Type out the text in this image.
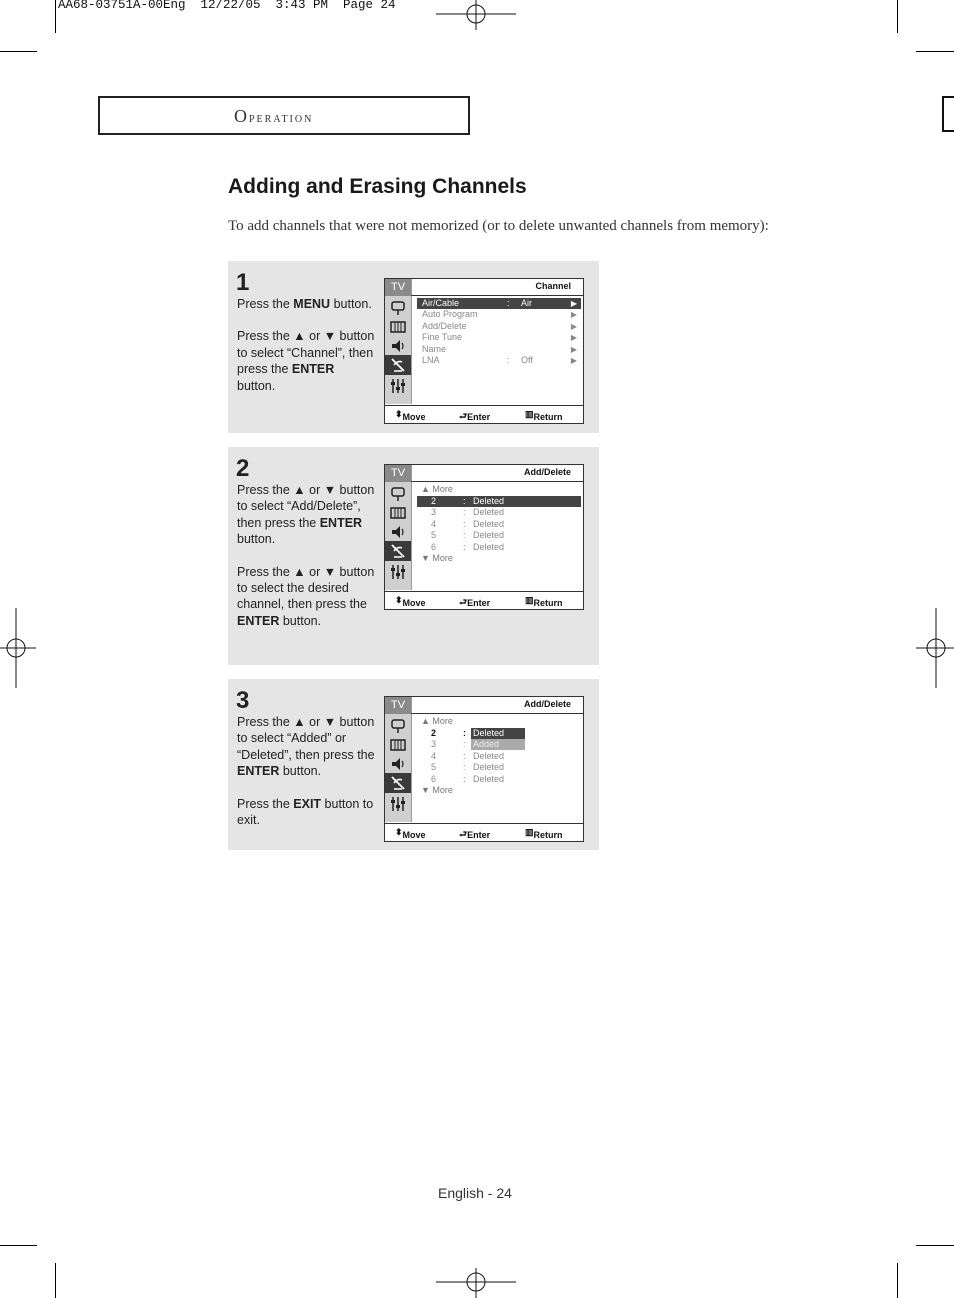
AA68-03751A-00Eng  12/22/05  3:43 PM  Page 24
Operation
Adding and Erasing Channels
To add channels that were not memorized (or to delete unwanted channels from memory):
1

Press the MENU button.

Press the ▲ or ▼ button to select “Channel”, then press the ENTER button.

TV	Channel
Air/Cable	: Air	▶
Auto Program	▶
Add/Delete	▶
Fine Tune	▶
Name	▶
LNA	: Off	▶
⬍ Move	⮐ Enter	▥ Return
2

Press the ▲ or ▼ button to select “Add/Delete”, then press the ENTER button.

Press the ▲ or ▼ button to select the desired channel, then press the ENTER button.

TV	Add/Delete
▲ More
2	: Deleted
3	: Deleted
4	: Deleted
5	: Deleted
6	: Deleted
▼ More
⬍ Move	⮐ Enter	▥ Return
3

Press the ▲ or ▼ button to select “Added” or “Deleted”, then press the ENTER button.

Press the EXIT button to exit.

TV	Add/Delete
▲ More
2	: Deleted
3	: Added
4	: Deleted
5	: Deleted
6	: Deleted
▼ More
⬍ Move	⮐ Enter	▥ Return
English - 24
